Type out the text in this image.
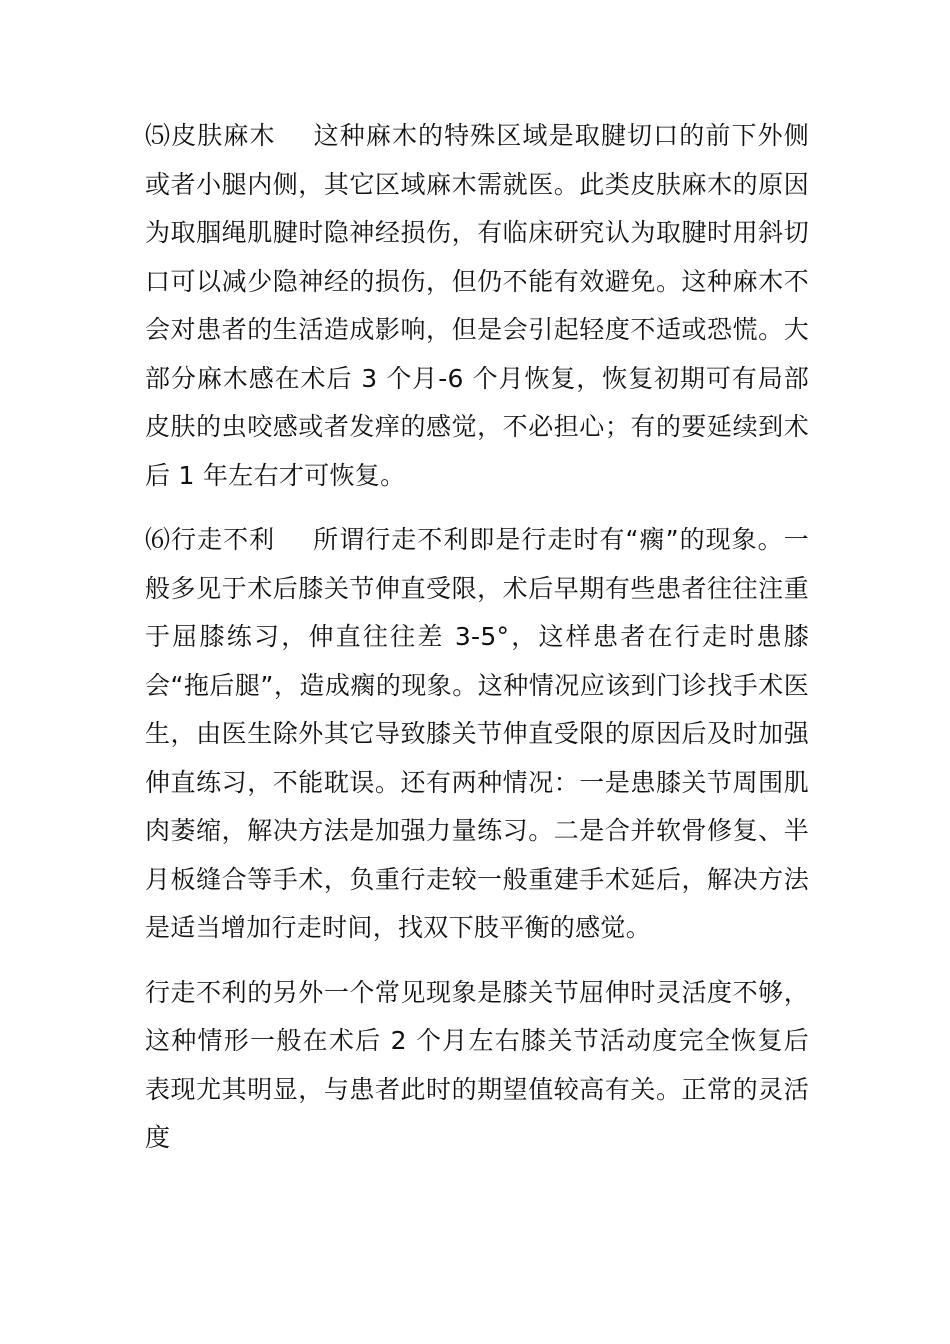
⑸皮肤麻木 这种麻木的特殊区域是取腱切口的前下外侧或者小腿内侧，其它区域麻木需就医。此类皮肤麻木的原因为取腘绳肌腱时隐神经损伤，有临床研究认为取腱时用斜切口可以减少隐神经的损伤，但仍不能有效避免。这种麻木不会对患者的生活造成影响，但是会引起轻度不适或恐慌。大部分麻木感在术后 3 个月-6 个月恢复，恢复初期可有局部皮肤的虫咬感或者发痒的感觉，不必担心；有的要延续到术后 1 年左右才可恢复。

⑹行走不利 所谓行走不利即是行走时有“瘸”的现象。一般多见于术后膝关节伸直受限，术后早期有些患者往往注重于屈膝练习，伸直往往差 3-5°，这样患者在行走时患膝会“拖后腿”，造成瘸的现象。这种情况应该到门诊找手术医生，由医生除外其它导致膝关节伸直受限的原因后及时加强伸直练习，不能耽误。还有两种情况：一是患膝关节周围肌肉萎缩，解决方法是加强力量练习。二是合并软骨修复、半月板缝合等手术，负重行走较一般重建手术延后，解决方法是适当增加行走时间，找双下肢平衡的感觉。

行走不利的另外一个常见现象是膝关节屈伸时灵活度不够，这种情形一般在术后 2 个月左右膝关节活动度完全恢复后表现尤其明显，与患者此时的期望值较高有关。正常的灵活度
